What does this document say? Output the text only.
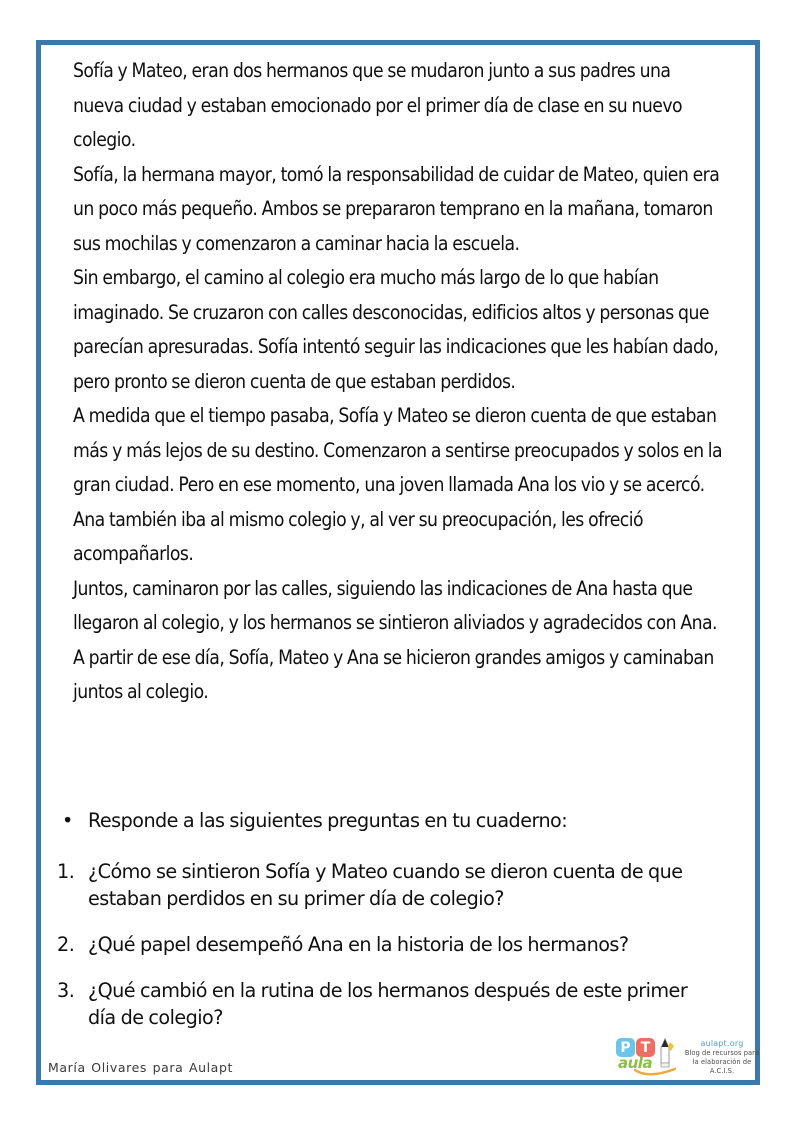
Sofía y Mateo, eran dos hermanos que se mudaron junto a sus padres una nueva ciudad y estaban emocionado por el primer día de clase en su nuevo colegio.

Sofía, la hermana mayor, tomó la responsabilidad de cuidar de Mateo, quien era un poco más pequeño. Ambos se prepararon temprano en la mañana, tomaron sus mochilas y comenzaron a caminar hacia la escuela.

Sin embargo, el camino al colegio era mucho más largo de lo que habían imaginado. Se cruzaron con calles desconocidas, edificios altos y personas que parecían apresuradas. Sofía intentó seguir las indicaciones que les habían dado, pero pronto se dieron cuenta de que estaban perdidos.

A medida que el tiempo pasaba, Sofía y Mateo se dieron cuenta de que estaban más y más lejos de su destino. Comenzaron a sentirse preocupados y solos en la gran ciudad. Pero en ese momento, una joven llamada Ana los vio y se acercó. Ana también iba al mismo colegio y, al ver su preocupación, les ofreció acompañarlos.

Juntos, caminaron por las calles, siguiendo las indicaciones de Ana hasta que llegaron al colegio, y los hermanos se sintieron aliviados y agradecidos con Ana. A partir de ese día, Sofía, Mateo y Ana se hicieron grandes amigos y caminaban juntos al colegio.

• Responde a las siguientes preguntas en tu cuaderno:
1. ¿Cómo se sintieron Sofía y Mateo cuando se dieron cuenta de que estaban perdidos en su primer día de colegio?
2. ¿Qué papel desempeñó Ana en la historia de los hermanos?
3. ¿Qué cambió en la rutina de los hermanos después de este primer día de colegio?
María Olivares para Aulapt
P T
aula
aulapt.org
Blog de recursos para la elaboración de A.C.I.S.
